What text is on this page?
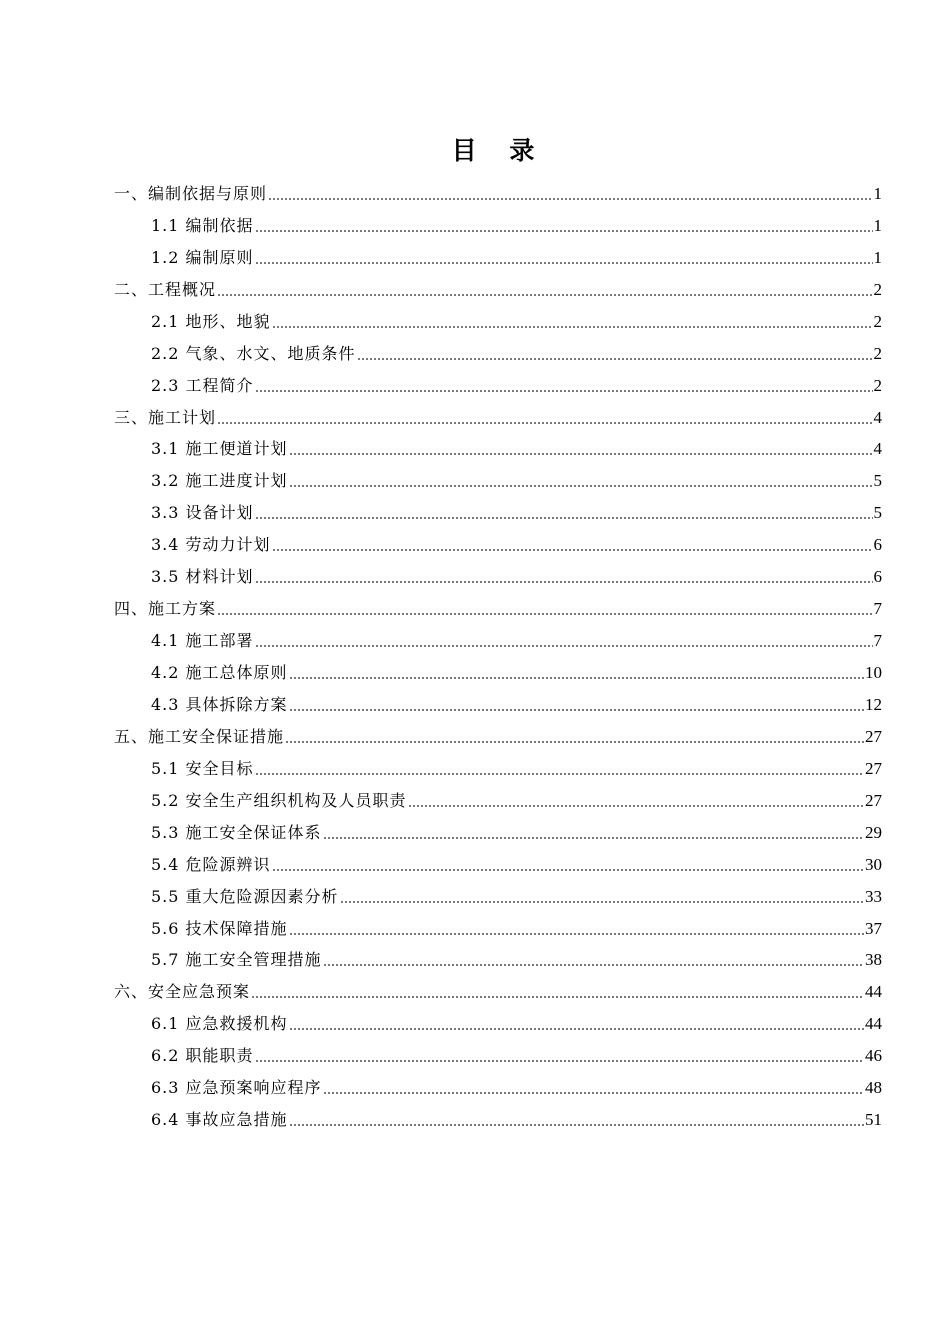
目 录
一、编制依据与原则	1
1.1 编制依据	1
1.2 编制原则	1
二、工程概况	2
2.1 地形、地貌	2
2.2 气象、水文、地质条件	2
2.3 工程简介	2
三、施工计划	4
3.1 施工便道计划	4
3.2 施工进度计划	5
3.3 设备计划	5
3.4 劳动力计划	6
3.5 材料计划	6
四、施工方案	7
4.1 施工部署	7
4.2 施工总体原则	10
4.3 具体拆除方案	12
五、施工安全保证措施	27
5.1 安全目标	27
5.2 安全生产组织机构及人员职责	27
5.3 施工安全保证体系	29
5.4 危险源辨识	30
5.5 重大危险源因素分析	33
5.6 技术保障措施	37
5.7 施工安全管理措施	38
六、安全应急预案	44
6.1 应急救援机构	44
6.2 职能职责	46
6.3 应急预案响应程序	48
6.4 事故应急措施	51
